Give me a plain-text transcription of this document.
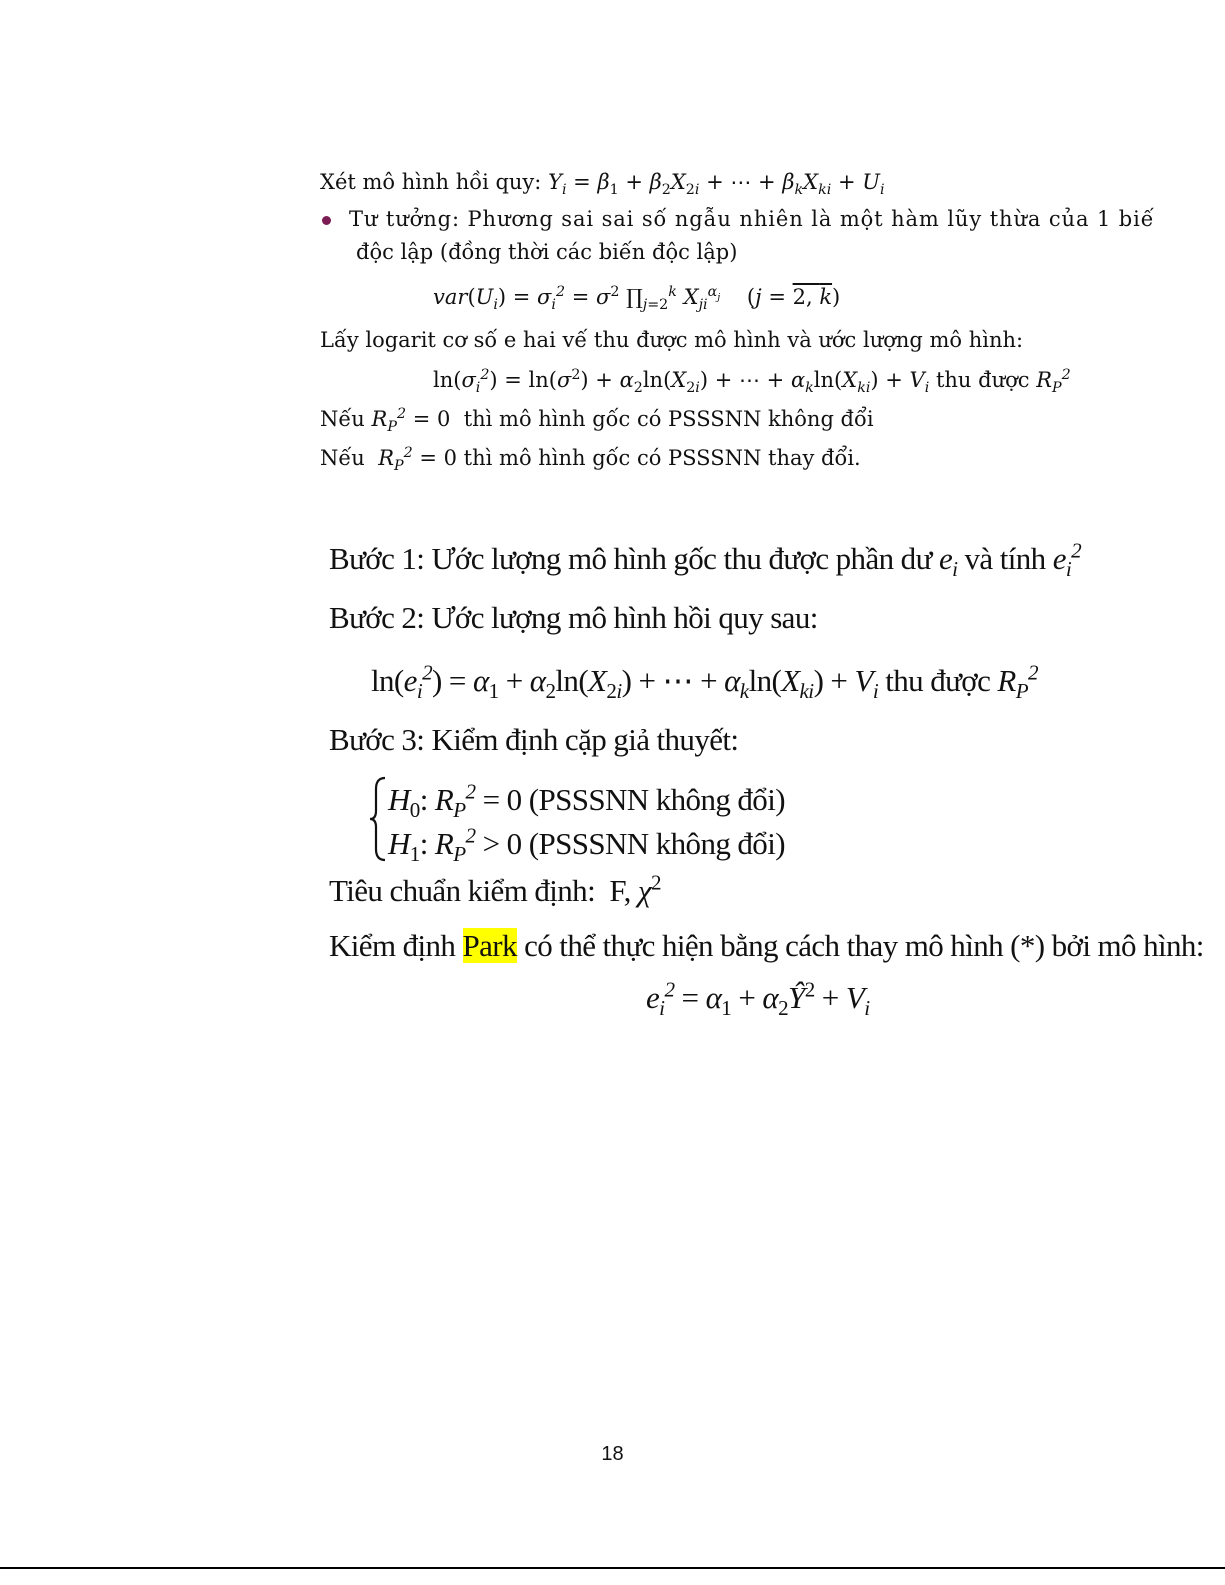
Xét mô hình hồi quy: $Y_i = \beta_1 + \beta_2X_{2i}$ + ⋯ + $\beta_kX_{ki} + U_i$
Tư tưởng: Phương sai sai số ngẫu nhiên là một hàm lũy thừa của 1 biế
độc lập (đồng thời các biến độc lập)
$var(U_i) = \sigma_i^2 = \sigma^2$ $\prod_{j=2}^k$ $X_{ji}^{\alpha_j}$    (j = 2, k)
Lấy logarit cơ số e hai vế thu được mô hình và ước lượng mô hình:
$\ln(\sigma_i^2) = \ln(\sigma^2) + \alpha_2\ln(X_{2i})$ + ⋯ + $\alpha_k\ln(X_{ki}) + V_i$ thu được $R_P^2$
Nếu $R_P^2 = 0$  thì mô hình gốc có PSSSNN không đổi
Nếu $R_P^2 = 0$ thì mô hình gốc có PSSSNN thay đổi.
Bước 1: Ước lượng mô hình gốc thu được phần dư $e_i$ và tính $e_i^2$
Bước 2: Ước lượng mô hình hồi quy sau:
$\ln(e_i^2) = \alpha_1 + \alpha_2\ln(X_{2i})$ + ⋯ + $\alpha_k\ln(X_{ki}) + V_i$ thu được $R_P^2$
Bước 3: Kiểm định cặp giả thuyết:
$H_0$: $R_P^2 = 0$ (PSSSNN không đổi)
$H_1$: $R_P^2 > 0$ (PSSSNN không đổi)
Tiêu chuẩn kiểm định: F, $\chi^2$
Kiểm định Park có thể thực hiện bằng cách thay mô hình (*) bởi mô hình:
$e_i^2 = \alpha_1$ + $\alpha_2Ŷ^2 + V_i$
18
